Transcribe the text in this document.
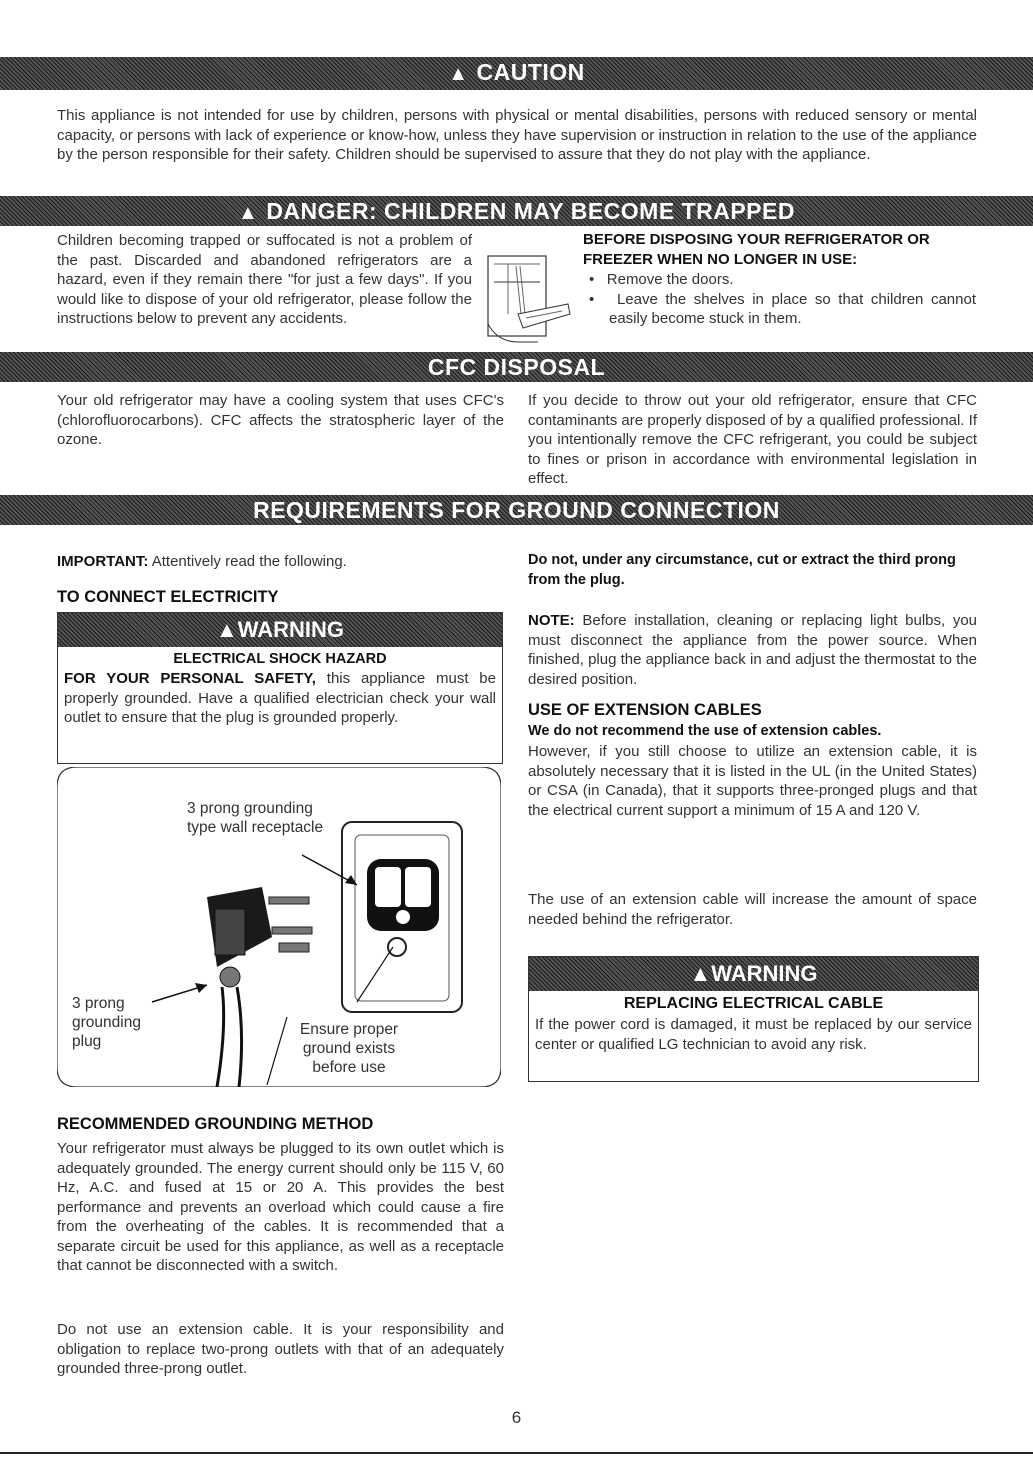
▲ CAUTION

This appliance is not intended for use by children, persons with physical or mental disabilities, persons with reduced sensory or mental capacity, or persons with lack of experience or know-how, unless they have supervision or instruction in relation to the use of the appliance by the person responsible for their safety. Children should be supervised to assure that they do not play with the appliance.

▲ DANGER: CHILDREN MAY BECOME TRAPPED

Children becoming trapped or suffocated is not a problem of the past. Discarded and abandoned refrigerators are a hazard, even if they remain there "for just a few days". If you would like to dispose of your old refrigerator, please follow the instructions below to prevent any accidents.

BEFORE DISPOSING YOUR REFRIGERATOR OR FREEZER WHEN NO LONGER IN USE:
•   Remove the doors.
•   Leave the shelves in place so that children cannot easily become stuck in them.
CFC DISPOSAL

Your old refrigerator may have a cooling system that uses CFC's (chlorofluorocarbons). CFC affects the stratospheric layer of the ozone.

If you decide to throw out your old refrigerator, ensure that CFC contaminants are properly disposed of by a qualified professional. If you intentionally remove the CFC refrigerant, you could be subject to fines or prison in accordance with environmental legislation in effect.

REQUIREMENTS FOR GROUND CONNECTION

IMPORTANT: Attentively read the following.

TO CONNECT ELECTRICITY
▲WARNING
ELECTRICAL SHOCK HAZARD

FOR YOUR PERSONAL SAFETY, this appliance must be properly grounded. Have a qualified electrician check your wall outlet to ensure that the plug is grounded properly.

3 prong grounding type wall receptacle
3 prong grounding plug
Ensure proper ground exists before use
RECOMMENDED GROUNDING METHOD

Your refrigerator must always be plugged to its own outlet which is adequately grounded. The energy current should only be 115 V, 60 Hz, A.C. and fused at 15 or 20 A. This provides the best performance and prevents an overload which could cause a fire from the overheating of the cables. It is recommended that a separate circuit be used for this appliance, as well as a receptacle that cannot be disconnected with a switch.

Do not use an extension cable. It is your responsibility and obligation to replace two-prong outlets with that of an adequately grounded three-prong outlet.

Do not, under any circumstance, cut or extract the third prong from the plug.

NOTE: Before installation, cleaning or replacing light bulbs, you must disconnect the appliance from the power source. When finished, plug the appliance back in and adjust the thermostat to the desired position.

USE OF EXTENSION CABLES
We do not recommend the use of extension cables.

However, if you still choose to utilize an extension cable, it is absolutely necessary that it is listed in the UL (in the United States) or CSA (in Canada), that it supports three-pronged plugs and that the electrical current support a minimum of 15 A and 120 V.

The use of an extension cable will increase the amount of space needed behind the refrigerator.

▲WARNING
REPLACING ELECTRICAL CABLE

If the power cord is damaged, it must be replaced by our service center or qualified LG technician to avoid any risk.

6
